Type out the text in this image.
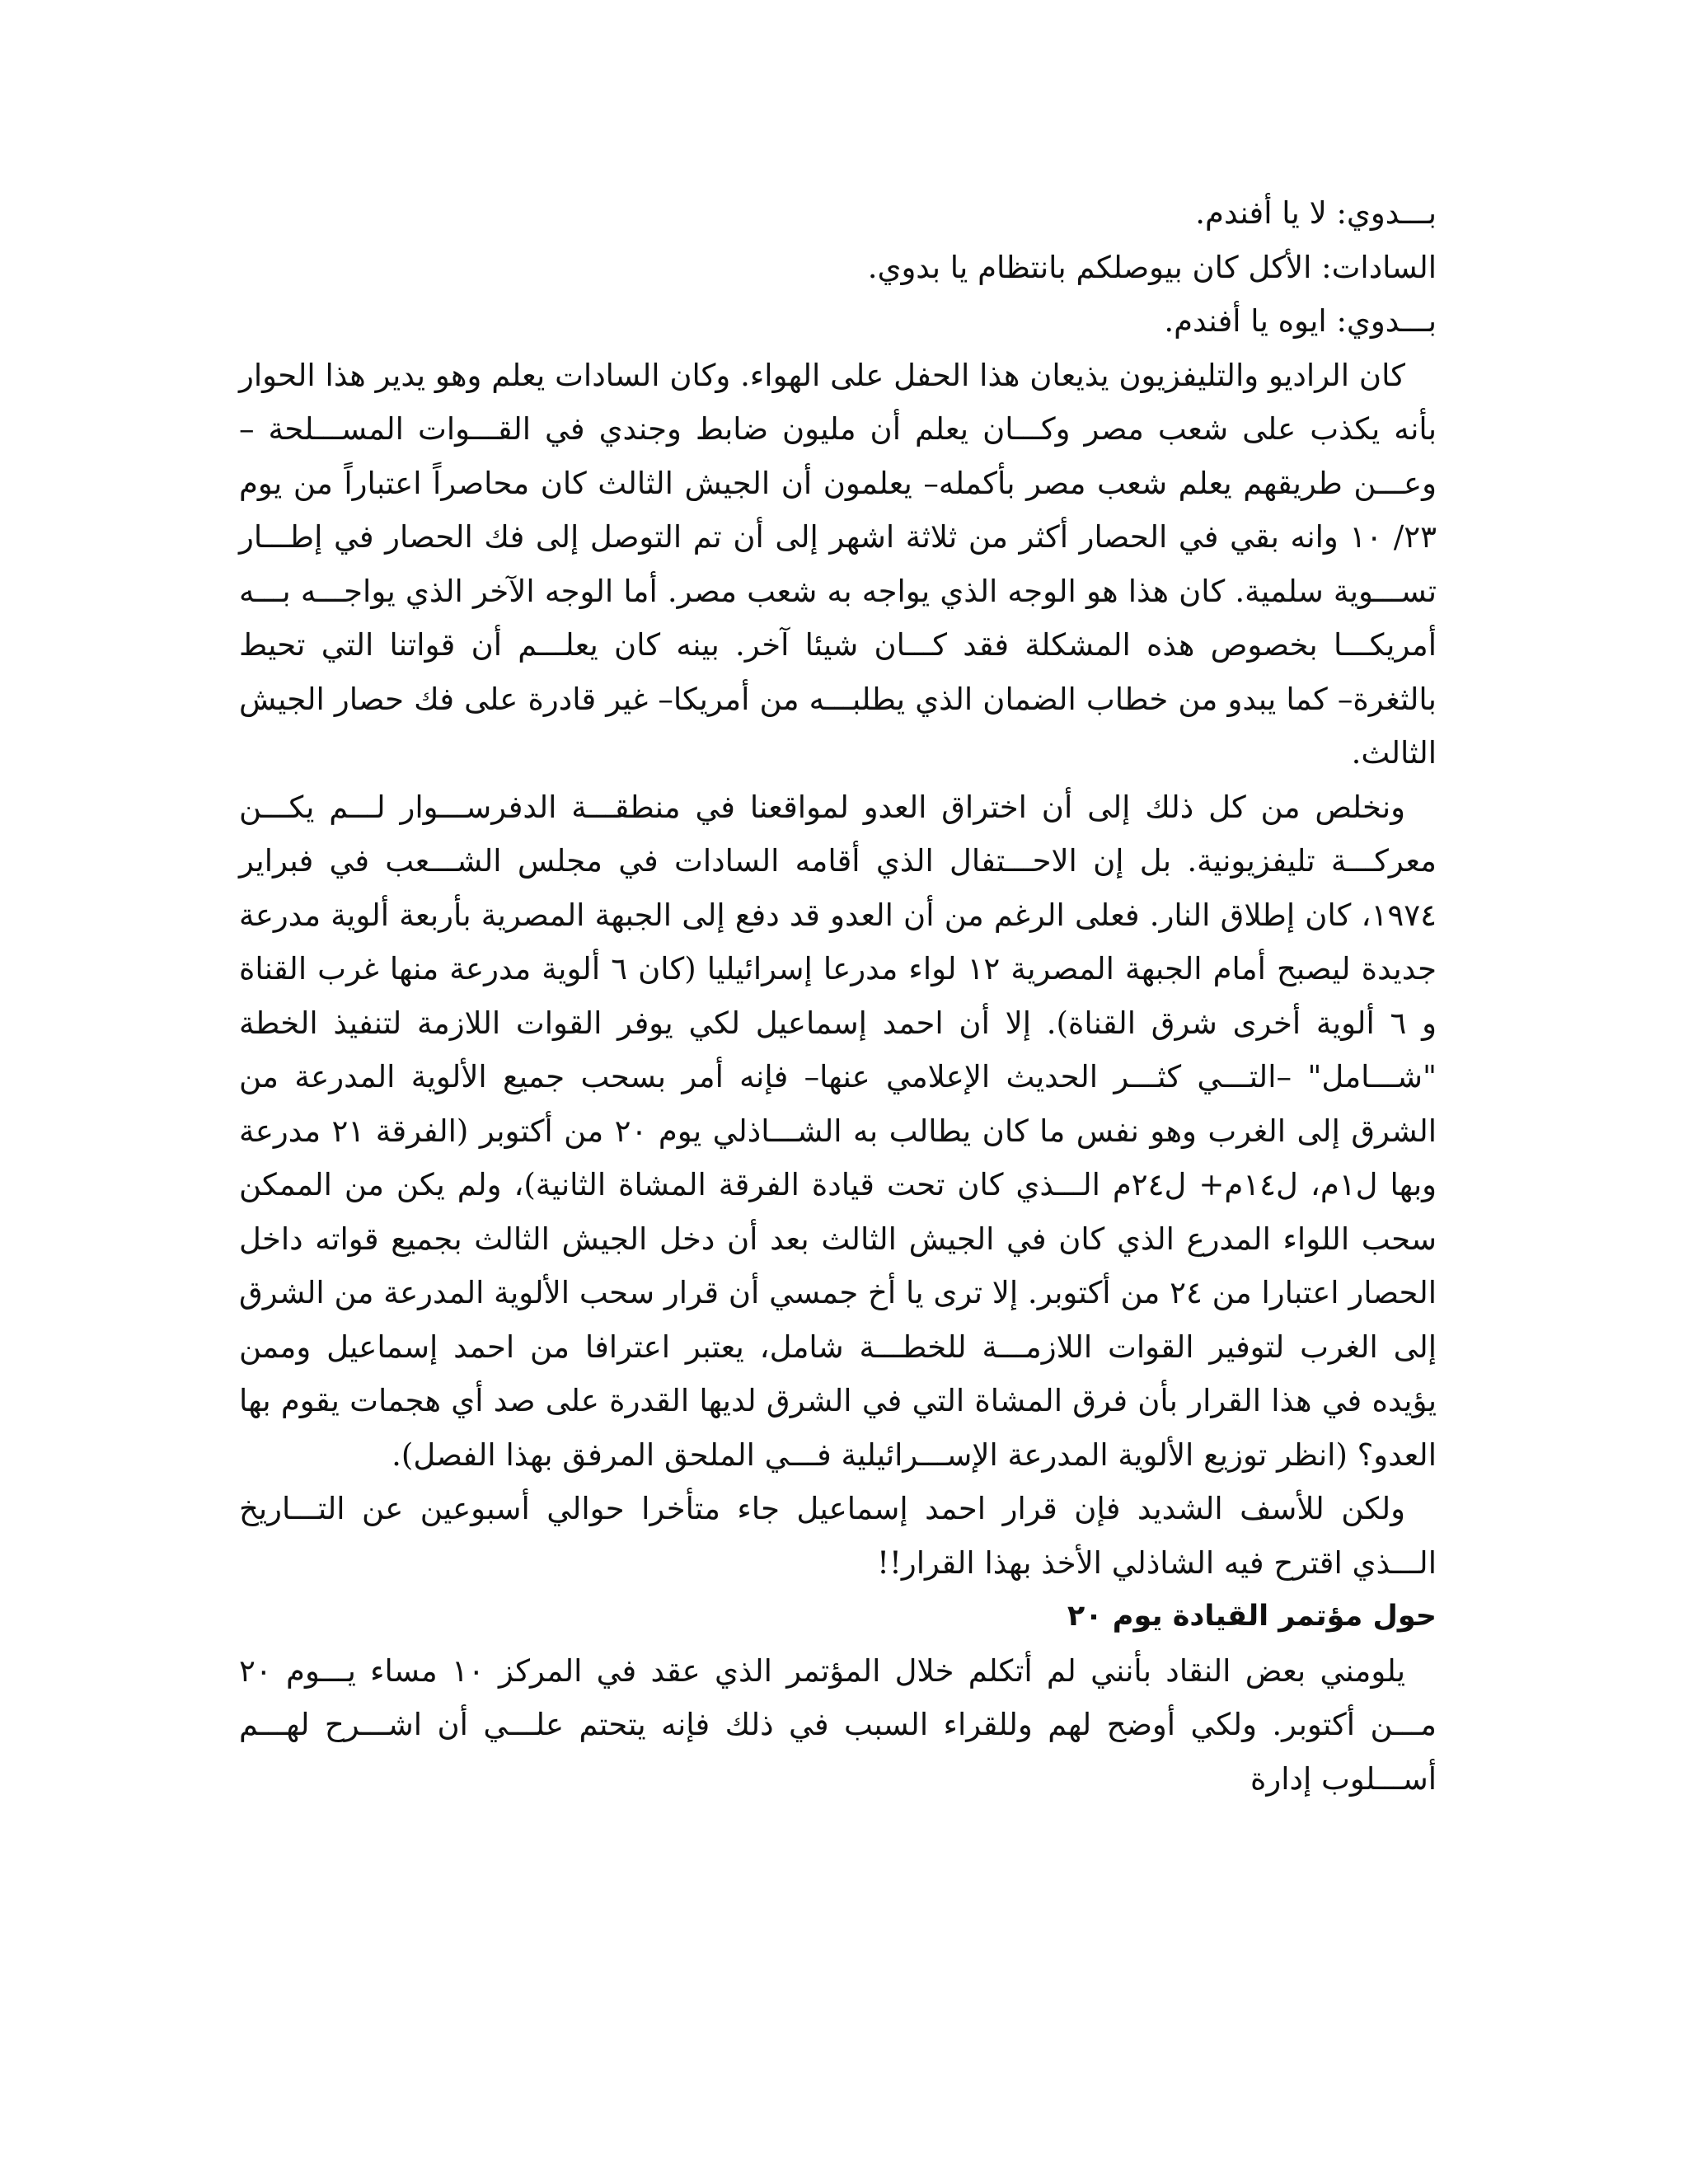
بـــدوي: لا يا أفندم.

السادات: الأكل كان بيوصلكم بانتظام يا بدوي.

بـــدوي: ايوه يا أفندم.

كان الراديو والتليفزيون يذيعان هذا الحفل على الهواء. وكان السادات يعلم وهو يدير هذا الحوار بأنه يكذب على شعب مصر وكـــان يعلم أن مليون ضابط وجندي في القـــوات المســـلحة – وعـــن طريقهم يعلم شعب مصر بأكمله– يعلمون أن الجيش الثالث كان محاصراً اعتباراً من يوم ٢٣/ ١٠ وانه بقي في الحصار أكثر من ثلاثة اشهر إلى أن تم التوصل إلى فك الحصار في إطـــار تســـوية سلمية. كان هذا هو الوجه الذي يواجه به شعب مصر. أما الوجه الآخر الذي يواجـــه بـــه أمريكـــا بخصوص هذه المشكلة فقد كـــان شيئا آخر. بينه كان يعلـــم أن قواتنا التي تحيط بالثغرة– كما يبدو من خطاب الضمان الذي يطلبـــه من أمريكا– غير قادرة على فك حصار الجيش الثالث.

ونخلص من كل ذلك إلى أن اختراق العدو لمواقعنا في منطقـــة الدفرســـوار لـــم يكـــن معركـــة تليفزيونية. بل إن الاحـــتفال الذي أقامه السادات في مجلس الشـــعب في فبراير ١٩٧٤، كان إطلاق النار. فعلى الرغم من أن العدو قد دفع إلى الجبهة المصرية بأربعة ألوية مدرعة جديدة ليصبح أمام الجبهة المصرية ١٢ لواء مدرعا إسرائيليا (كان ٦ ألوية مدرعة منها غرب القناة و ٦ ألوية أخرى شرق القناة). إلا أن احمد إسماعيل لكي يوفر القوات اللازمة لتنفيذ الخطة "شـــامل" –التـــي كثـــر الحديث الإعلامي عنها– فإنه أمر بسحب جميع الألوية المدرعة من الشرق إلى الغرب وهو نفس ما كان يطالب به الشـــاذلي يوم ٢٠ من أكتوبر (الفرقة ٢١ مدرعة وبها ل١م، ل١٤م+ ل٢٤م الـــذي كان تحت قيادة الفرقة المشاة الثانية)، ولم يكن من الممكن سحب اللواء المدرع الذي كان في الجيش الثالث بعد أن دخل الجيش الثالث بجميع قواته داخل الحصار اعتبارا من ٢٤ من أكتوبر. إلا ترى يا أخ جمسي أن قرار سحب الألوية المدرعة من الشرق إلى الغرب لتوفير القوات اللازمـــة للخطـــة شامل، يعتبر اعترافا من احمد إسماعيل وممن يؤيده في هذا القرار بأن فرق المشاة التي في الشرق لديها القدرة على صد أي هجمات يقوم بها العدو؟ (انظر توزيع الألوية المدرعة الإســـرائيلية فـــي الملحق المرفق بهذا الفصل).

ولكن للأسف الشديد فإن قرار احمد إسماعيل جاء متأخرا حوالي أسبوعين عن التـــاريخ الـــذي اقترح فيه الشاذلي الأخذ بهذا القرار!!

حول مؤتمر القيادة يوم ٢٠

يلومني بعض النقاد بأنني لم أتكلم خلال المؤتمر الذي عقد في المركز ١٠ مساء يـــوم ٢٠ مـــن أكتوبر. ولكي أوضح لهم وللقراء السبب في ذلك فإنه يتحتم علـــي أن اشـــرح لهـــم أســـلوب إدارة
